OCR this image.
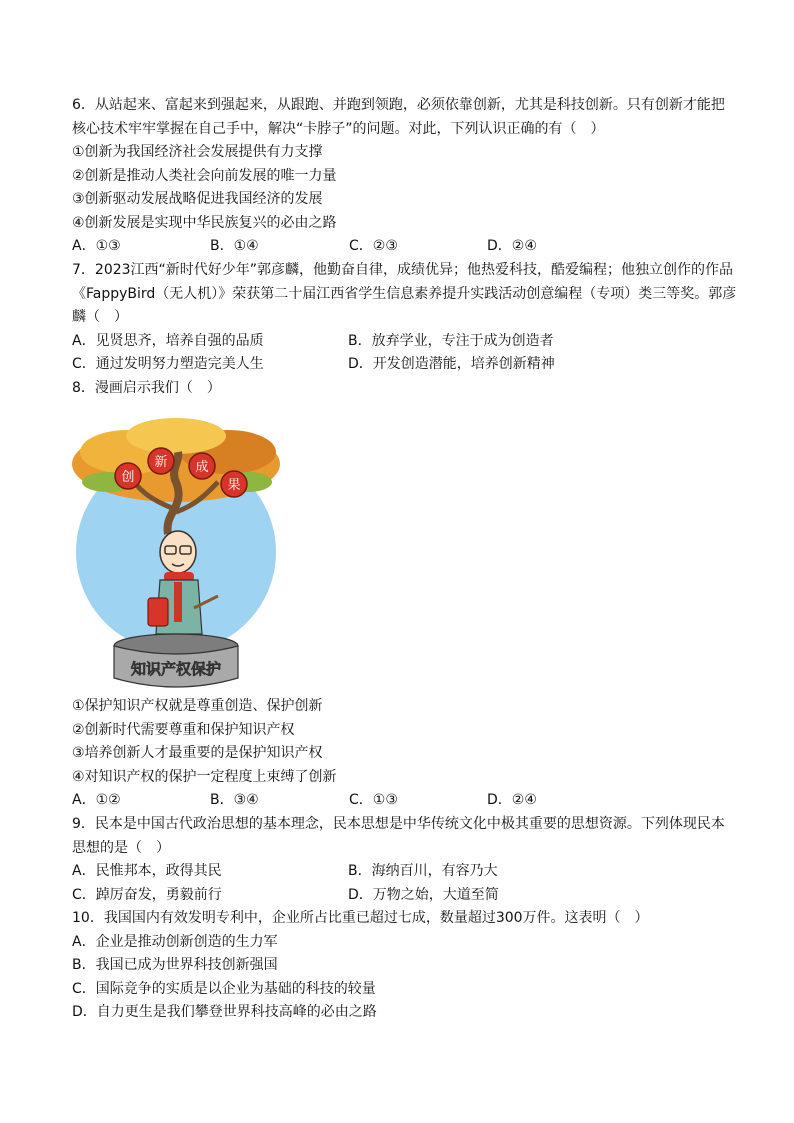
6．从站起来、富起来到强起来，从跟跑、并跑到领跑，必须依靠创新，尤其是科技创新。只有创新才能把

核心技术牢牢掌握在自己手中，解决“卡脖子”的问题。对此，下列认识正确的有（　）

①创新为我国经济社会发展提供有力支撑

②创新是推动人类社会向前发展的唯一力量

③创新驱动发展战略促进我国经济的发展

④创新发展是实现中华民族复兴的必由之路

A．①③	B．①④	C．②③	D．②④

7．2023江西“新时代好少年”郭彦麟，他勤奋自律，成绩优异；他热爱科技，酷爱编程；他独立创作的作品

《FappyBird（无人机）》荣获第二十届江西省学生信息素养提升实践活动创意编程（专项）类三等奖。郭彦

麟（　）

A．见贤思齐，培养自强的品质	B．放弃学业，专注于成为创造者
C．通过发明努力塑造完美人生	D．开发创造潜能，培养创新精神

8．漫画启示我们（　）

创
新 成
果
知识产权保护

①保护知识产权就是尊重创造、保护创新

②创新时代需要尊重和保护知识产权

③培养创新人才最重要的是保护知识产权

④对知识产权的保护一定程度上束缚了创新

A．①②	B．③④	C．①③	D．②④

9．民本是中国古代政治思想的基本理念，民本思想是中华传统文化中极其重要的思想资源。下列体现民本

思想的是（　）

A．民惟邦本，政得其民	B．海纳百川，有容乃大
C．踔厉奋发，勇毅前行	D．万物之始，大道至简

10．我国国内有效发明专利中，企业所占比重已超过七成，数量超过300万件。这表明（　）

A．企业是推动创新创造的生力军

B．我国已成为世界科技创新强国

C．国际竞争的实质是以企业为基础的科技的较量

D．自力更生是我们攀登世界科技高峰的必由之路
